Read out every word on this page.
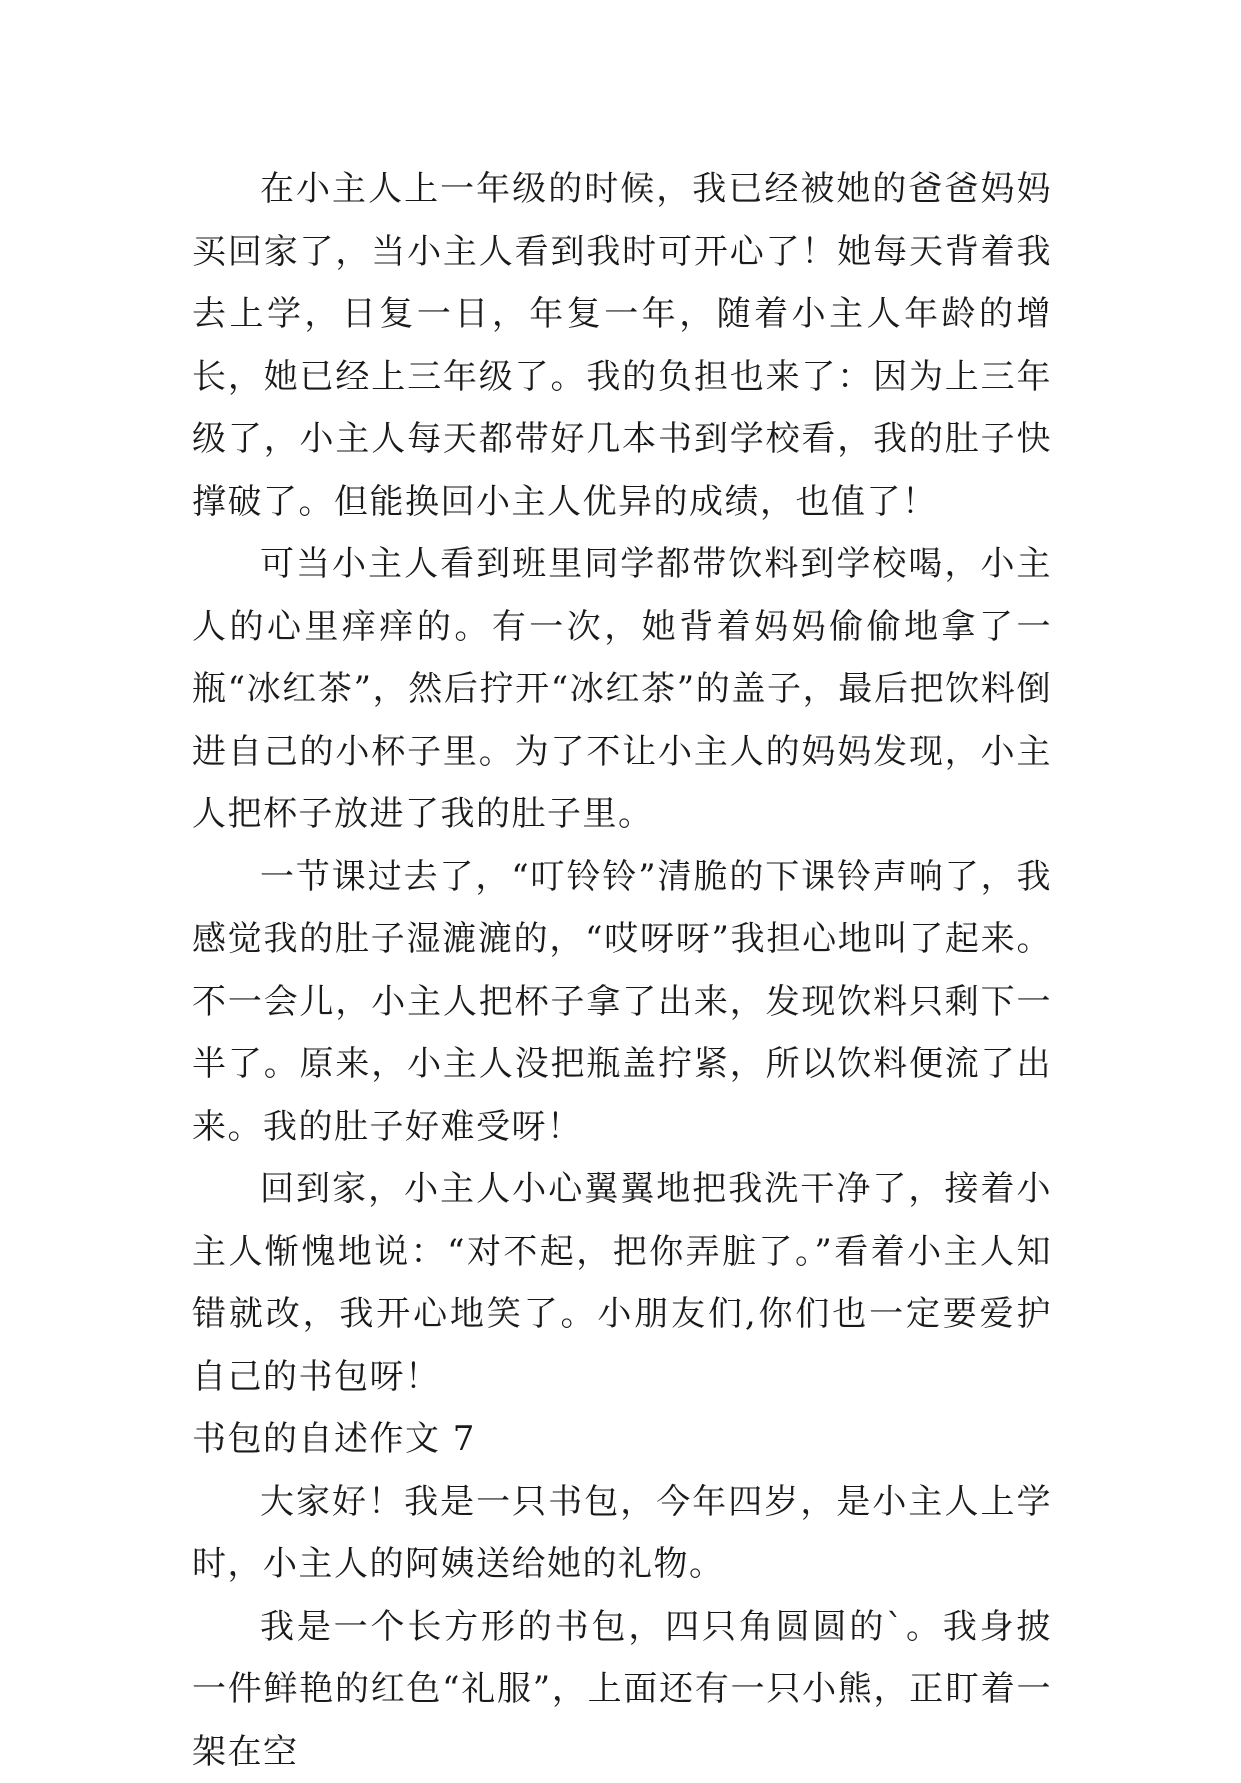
在小主人上一年级的时候，我已经被她的爸爸妈妈买回家了，当小主人看到我时可开心了！她每天背着我去上学，日复一日，年复一年，随着小主人年龄的增长，她已经上三年级了。我的负担也来了：因为上三年级了，小主人每天都带好几本书到学校看，我的肚子快撑破了。但能换回小主人优异的成绩，也值了！

可当小主人看到班里同学都带饮料到学校喝，小主人的心里痒痒的。有一次，她背着妈妈偷偷地拿了一瓶“冰红茶”，然后拧开“冰红茶”的盖子，最后把饮料倒进自己的小杯子里。为了不让小主人的妈妈发现，小主人把杯子放进了我的肚子里。

一节课过去了，“叮铃铃”清脆的下课铃声响了，我感觉我的肚子湿漉漉的，“哎呀呀”我担心地叫了起来。不一会儿，小主人把杯子拿了出来，发现饮料只剩下一半了。原来，小主人没把瓶盖拧紧，所以饮料便流了出来。我的肚子好难受呀！

回到家，小主人小心翼翼地把我洗干净了，接着小主人惭愧地说：“对不起，把你弄脏了。”看着小主人知错就改，我开心地笑了。小朋友们,你们也一定要爱护自己的书包呀！

书包的自述作文 7

大家好！我是一只书包，今年四岁，是小主人上学时，小主人的阿姨送给她的礼物。

我是一个长方形的书包，四只角圆圆的`。我身披一件鲜艳的红色“礼服”，上面还有一只小熊，正盯着一架在空
